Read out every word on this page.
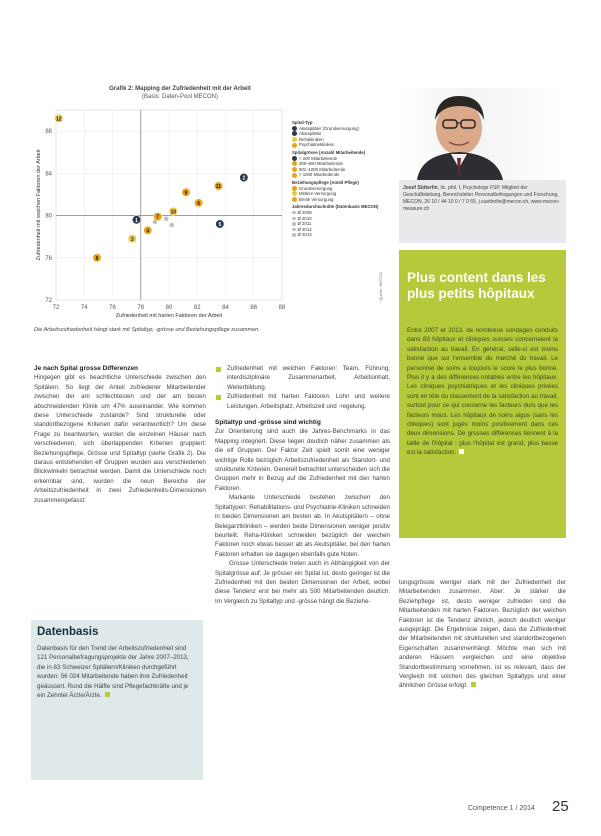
Grafik 2: Mapping der Zufriedenheit mit der Arbeit
(Basis: Daten-Pool MECON)
72	74	76	78	80	82	84	86	88
72
76
80
84
88
12
2
11
9
6
10
7
1
5
4
3
8
Zufriedenheit mit harten Faktoren der Arbeit
Zufriedenheit mit weichen Faktoren der Arbeit
Spital-Typ
Akutspitäler (Grundversorgung)
Akutspitäler
Rehakliniken
Psychiatriekliniken
Spitalgrösse (Anzahl Mitarbeitende)
< 200 Mitarbeitende
200–500 Mitarbeitende
501–1000 Mitarbeitende
> 1000 Mitarbeitende
Beziehungspflege (Anteil Pflege)
Grundversorgung
Mittlere Versorgung
Breite Versorgung
Jahresdurchschnitte (Datenbasis MECON)
Ø 2009
Ø 2010
Ø 2011
Ø 2012
Ø 2013
Quelle: MECON
Die Arbeitszufriedenheit hängt stark mit Spitaltyp, -grösse und Beziehungspflege zusammen.
Josef Sütterlin, lic. phil. I, Psychologe FSP, Mitglied der Geschäftsleitung, Bereichsleiter Personalbefragungen und Forschung, MECON, 26 10 / 44 10 0 / 7 0 65, j.suetterlin@mecon.ch, www.mecon-measure.ch
Plus content dans les plus petits hôpitaux
Entre 2007 et 2013, de nombreux sondages conduits dans 83 hôpitaux et cliniques suisses concernaient la satisfaction au travail. En général, celle-ci est moins bonne que sur l'ensemble du marché du travail. Le personnel de soins a toujours le score le plus bonne. Plus il y a des différences notables entre les hôpitaux. Les cliniques psychiatriques et les cliniques privées sont en tête du classement de la satisfaction au travail, surtout pour ce qui concerne les facteurs durs que les facteurs mous. Les hôpitaux de soins aigus (sans les cliniques) sont jugés moins positivement dans ces deux dimensions. De grosses différences tiennent à la taille de l'hôpital : plus l'hôpital est grand, plus basse est la satisfaction.
Je nach Spital grosse Differenzen

Hingegen gibt es beachtliche Unterschiede zwischen den Spitälern. So liegt der Anteil zufriedener Mitarbeitender zwischen der am schlechtesten und der am besten abschneidenden Klinik um 47% auseinander. Wie kommen diese Unterschiede zustande? Sind strukturelle oder standortbezogene Kriterien dafür verantwortlich? Um diese Frage zu beantworten, wurden die einzelnen Häuser nach verschiedenen, sich überlappenden Kriterien gruppiert: Beziehungspflege, Grösse und Spitaltyp (siehe Grafik 2). Die daraus entstehenden elf Gruppen wurden aus verschiedenen Blickwinkeln betrachtet werden. Damit die Unterschiede noch erkennbar sind, wurden die neun Bereiche der Arbeitszufriedenheit in zwei Zufriedenheits-Dimensionen zusammengefasst:

Datenbasis
Datenbasis für den Trend der Arbeitszufriedenheit sind 121 Personalbefragungsprojekte der Jahre 2007–2013, die in 83 Schweizer Spitälern/Kliniken durchgeführt wurden: 56 024 Mitarbeitende haben ihre Zufriedenheit geäussert. Rund die Hälfte sind Pflegefachkräfte und je ein Zehntel Ärzte/Ärzte.
Zufriedenheit mit weichen Faktoren: Team, Führung, interdisziplinäre Zusammenarbeit, Arbeitsinhalt, Weiterbildung.
Zufriedenheit mit harten Faktoren: Lohn und weitere Leistungen, Arbeitsplatz, Arbeitszeit und -regelung.
Spitaltyp und -grösse sind wichtig

Zur Orientierung sind auch die Jahres-Benchmarks in das Mapping integriert. Diese liegen deutlich näher zusammen als die elf Gruppen. Der Faktor Zeit spielt somit eine weniger wichtige Rolle bezüglich Arbeitszufriedenheit als Standort- und strukturelle Kriterien. Generell betrachtet unterscheiden sich die Gruppen mehr in Bezug auf die Zufriedenheit mit den harten Faktoren.

Markante Unterschiede bestehen zwischen den Spitaltypen: Rehabilitations- und Psychiatrie-Kliniken schneiden in beiden Dimensionen am besten ab. In Akutspitälern – ohne Belegarztkliniken – werden beide Dimensionen weniger positiv beurteilt. Reha-Kliniken schneiden bezüglich der weichen Faktoren noch etwas besser ab als Akutspitäler, bei den harten Faktoren erhalten sie dagegen ebenfalls gute Noten.

Grosse Unterschiede treten auch in Abhängigkeit von der Spitalgrösse auf: Je grösser ein Spital ist, desto geringer ist die Zufriedenheit mit den beiden Dimensionen der Arbeit, wobei diese Tendenz erst bei mehr als 500 Mitarbeitenden deutlich. Im Vergleich zu Spitaltyp und -grösse hängt die Beziehe-

tungsgrösste weniger stark mit der Zufriedenheit der Mitarbeitenden zusammen. Aber: Je stärker die Beziehpflege ist, desto weniger zufrieden sind die Mitarbeitenden mit harten Faktoren. Bezüglich der weichen Faktoren ist die Tendenz ähnlich, jedoch deutlich weniger ausgeprägt. Die Ergebnisse zeigen, dass die Zufriedenheit der Mitarbeitenden mit strukturellen und standortbezogenen Eigenschaften zusammenhängt. Möchte man sich mit anderen Häusern vergleichen und eine objektive Standortbestimmung vornehmen, ist es relevant, dass der Vergleich mit solchen des gleichen Spitaltyps und einer ähnlichen Grösse erfolgt.
Competence 1 / 2014 25
